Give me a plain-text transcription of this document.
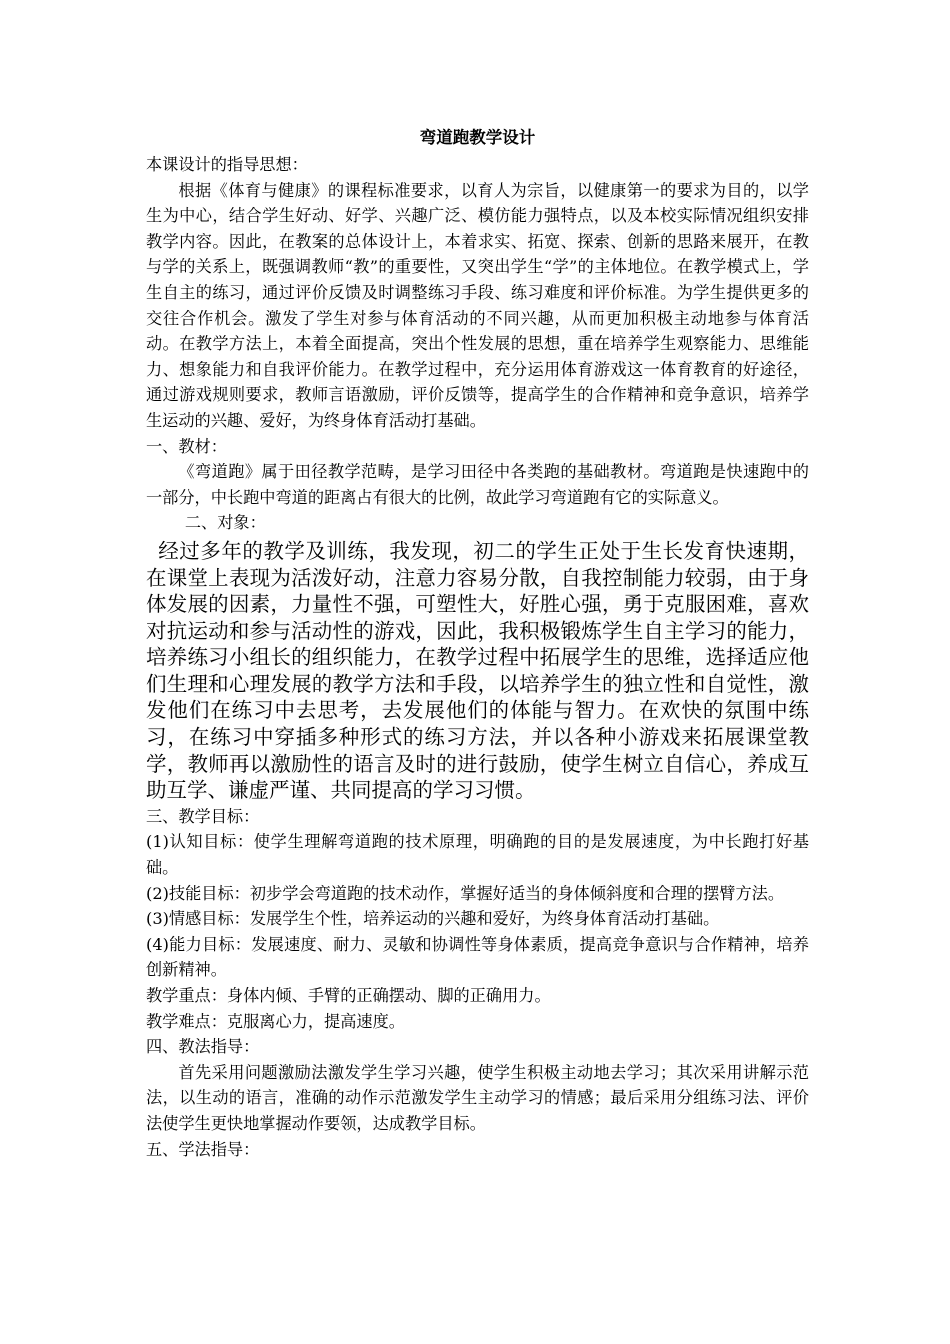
弯道跑教学设计

本课设计的指导思想：

根据《体育与健康》的课程标准要求，以育人为宗旨，以健康第一的要求为目的，以学生为中心，结合学生好动、好学、兴趣广泛、模仿能力强特点，以及本校实际情况组织安排教学内容。因此，在教案的总体设计上，本着求实、拓宽、探索、创新的思路来展开，在教与学的关系上，既强调教师“教”的重要性，又突出学生“学”的主体地位。在教学模式上，学生自主的练习，通过评价反馈及时调整练习手段、练习难度和评价标准。为学生提供更多的交往合作机会。激发了学生对参与体育活动的不同兴趣，从而更加积极主动地参与体育活动。在教学方法上，本着全面提高，突出个性发展的思想，重在培养学生观察能力、思维能力、想象能力和自我评价能力。在教学过程中，充分运用体育游戏这一体育教育的好途径，通过游戏规则要求，教师言语激励，评价反馈等，提高学生的合作精神和竞争意识，培养学生运动的兴趣、爱好，为终身体育活动打基础。

一、教材：

《弯道跑》属于田径教学范畴，是学习田径中各类跑的基础教材。弯道跑是快速跑中的一部分，中长跑中弯道的距离占有很大的比例，故此学习弯道跑有它的实际意义。

二、对象：

经过多年的教学及训练，我发现，初二的学生正处于生长发育快速期，在课堂上表现为活泼好动，注意力容易分散，自我控制能力较弱，由于身体发展的因素，力量性不强，可塑性大，好胜心强，勇于克服困难，喜欢对抗运动和参与活动性的游戏，因此，我积极锻炼学生自主学习的能力，培养练习小组长的组织能力，在教学过程中拓展学生的思维，选择适应他们生理和心理发展的教学方法和手段，以培养学生的独立性和自觉性，激发他们在练习中去思考，去发展他们的体能与智力。在欢快的氛围中练习，在练习中穿插多种形式的练习方法，并以各种小游戏来拓展课堂教学，教师再以激励性的语言及时的进行鼓励，使学生树立自信心，养成互助互学、谦虚严谨、共同提高的学习习惯。

三、教学目标：

(1)认知目标：使学生理解弯道跑的技术原理，明确跑的目的是发展速度，为中长跑打好基础。

(2)技能目标：初步学会弯道跑的技术动作，掌握好适当的身体倾斜度和合理的摆臂方法。

(3)情感目标：发展学生个性，培养运动的兴趣和爱好，为终身体育活动打基础。

(4)能力目标：发展速度、耐力、灵敏和协调性等身体素质，提高竞争意识与合作精神，培养创新精神。

教学重点：身体内倾、手臂的正确摆动、脚的正确用力。

教学难点：克服离心力，提高速度。

四、教法指导：

首先采用问题激励法激发学生学习兴趣，使学生积极主动地去学习；其次采用讲解示范法，以生动的语言，准确的动作示范激发学生主动学习的情感；最后采用分组练习法、评价法使学生更快地掌握动作要领，达成教学目标。

五、学法指导：
